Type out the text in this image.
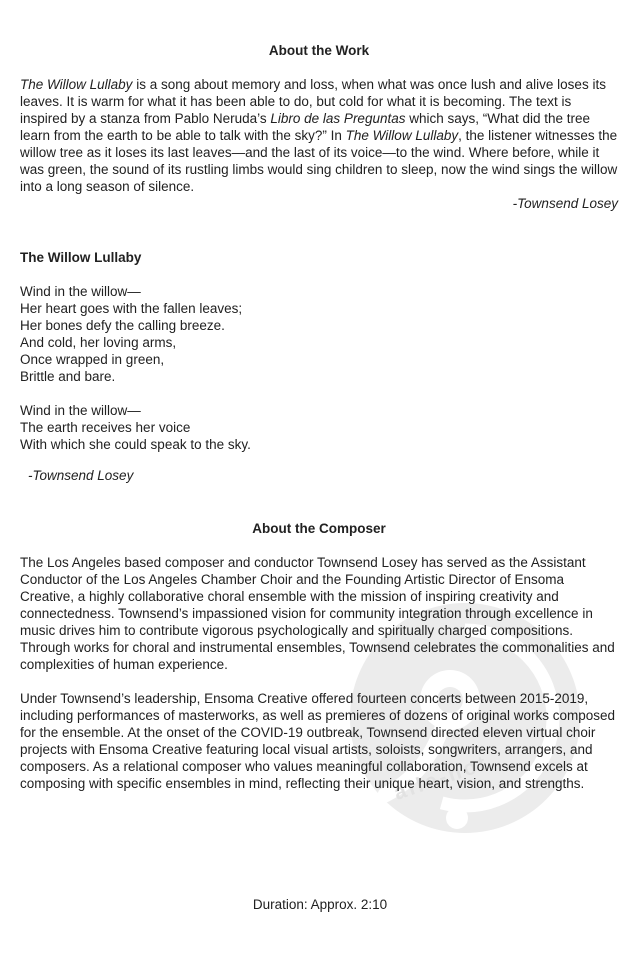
alle-not
About the Work

The Willow Lullaby is a song about memory and loss, when what was once lush and alive loses its leaves. It is warm for what it has been able to do, but cold for what it is becoming. The text is inspired by a stanza from Pablo Neruda’s Libro de las Preguntas which says, “What did the tree learn from the earth to be able to talk with the sky?” In The Willow Lullaby, the listener witnesses the willow tree as it loses its last leaves—and the last of its voice—to the wind. Where before, while it was green, the sound of its rustling limbs would sing children to sleep, now the wind sings the willow into a long season of silence.

-Townsend Losey

The Willow Lullaby
Wind in the willow—
Her heart goes with the fallen leaves;
Her bones defy the calling breeze.
And cold, her loving arms,
Once wrapped in green,
Brittle and bare.
Wind in the willow—
The earth receives her voice
With which she could speak to the sky.

-Townsend Losey

About the Composer

The Los Angeles based composer and conductor Townsend Losey has served as the Assistant Conductor of the Los Angeles Chamber Choir and the Founding Artistic Director of Ensoma Creative, a highly collaborative choral ensemble with the mission of inspiring creativity and connectedness. Townsend’s impassioned vision for community integration through excellence in music drives him to contribute vigorous psychologically and spiritually charged compositions. Through works for choral and instrumental ensembles, Townsend celebrates the commonalities and complexities of human experience.

Under Townsend’s leadership, Ensoma Creative offered fourteen concerts between 2015-2019, including performances of masterworks, as well as premieres of dozens of original works composed for the ensemble. At the onset of the COVID-19 outbreak, Townsend directed eleven virtual choir projects with Ensoma Creative featuring local visual artists, soloists, songwriters, arrangers, and composers. As a relational composer who values meaningful collaboration, Townsend excels at composing with specific ensembles in mind, reflecting their unique heart, vision, and strengths.

Duration: Approx. 2:10
